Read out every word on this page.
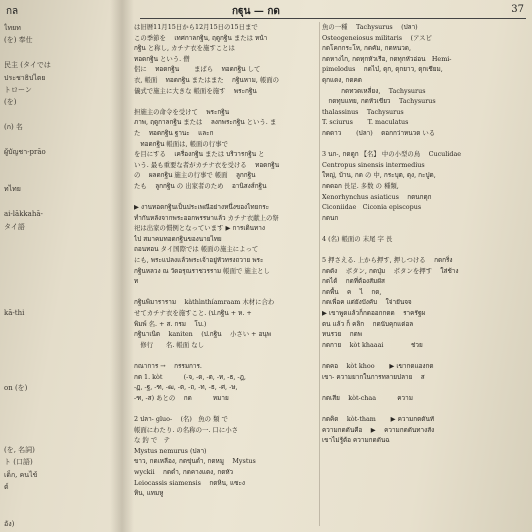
กล	กฐุน — กด	37
ไทยท
(を) 奉仕
民主 (タイでは
ประชาธิปไตย
トローン
(を)
(ก) 名
ผู้บัญชา-prāo
ทไทย
ai-lākkahā-
タイ語
kā-thi
on (を)
(を, 名詞)
ト (口語)
เด็ก, คนไข้
ต์
อัง)
は旧暦11月15日から12月15日の15日まで
この季節を 　เทศกาลกฐิน, ฤดูกฐิน または หน้า
กฐิน と称し, カチナ衣を施すことは
ทอดกฐิน という. 僧
侶に 　ทอดกฐิน 　　まばら 　ทอดกฐิน して
衣, 帳面 　ทอดกฐิน またはまた 　กฐินหาม, 帳面の
儀式で施主に大きな 帳面を施す 　พระกฐิน
担施主の命令を受けて 　พระกฐิน
ภาพ, ฤดูกาลกฐิน または 　ลงกพระกฐิน という. ま
た 　ทอดกฐิน ฐานะ 　และก
　ทอดกฐิน 帳面は, 帳面の行事で
を目にする 　เครื่องกฐิน または บริวารกฐิน と
いう. 最も重要な者がカチナ衣を受ける 　ทอดกฐิน
の 　ผลดกฐิน 施主の行事で 帳面 　ลูกกฐิน
たも 　ลูกกฐิน の 出家者のため 　อานิสงส์กฐิน
▶ งานทอดกฐินเป็นประเพณีอย่างหนึ่งของไทยกระ
ทำกันหลังจากพระออกพรรษาแล้ว カチナ衣献上の祭
祀は出家の慣例となっています ▶ การเดินทาง
ไป สมาคมทอดกฐินของนายไทย
ถอนทอน タイ国際では 帳面の施主によって
にも, พระแปลงแล้วพระเจ้าอยู่หัวทรงถวาย พระ
กฐินหลวง ณ วัดอรุณราชวรราม 帳面で 施主とし
ท
กฐินพิมาราราม 　kàthìnthíamraam 木材に合わ
せてカチナ衣を施すこと. (ป.กฐิน + ห. +
พิมพ์ 名. + ส. กรม 　โบ.)
กฐินาเนิด 　kaniten 　(ป.กฐิน 　小さい + อนุพ
　修行　　名. 帳面 なし
กณาการ → 　กรรมการ.
กด 1. kòt 　　　(-จ, -ด, -ต, -ท, -ธ, -ฎ,
-ฏ, -ฐ, -ฑ, -ฒ, -ต, -ถ, -ท, -ธ, -ศ, -ษ,
-ฑ, -ส) あとの 　กด 　　　หมาย
2 ปลา- gluo- 　(名)　魚の 類 で
帳面にわたり. の名称の一. 口に小さ
な 釣 で　テ
Mystus nemurus (ปลา)
ขาว, กดเหลือง, กดขุ่นดำ, กดหมู 　Mystus
wyckii 　กดดำ, กดคางแดง, กดหัว
Leiocassis siamensis 　กดหิน, แซะง
หิน, แทมหู
魚の一種 　Tachysurus 　(ปลา)
Osteogeneiosus militaris 　(アスピ
กดโคกกระโห, กดคัม, กดหนวด,
กดหางไก, กดทุกหัวเรือ, กดทุกหัวอ่อน　Hemi-
pimelodus 　กดไบ๋, ดุก, ดุกยาว, ดุกเชียม,
ดุกแดง, กดคต
　　　กดทวดเหลี่ยง, 　Tachysurus
　กดทุบแทย, กดหัวเขียว 　Tachysurus
thalassinus 　Tachysurus
T. sciurus 　　T. maculatus
กดดาว 　　(ปลา) 　ดอกกว่าหนวด いる
3 นก-, กดดูก 【名】 中の小型の鳥 　Cuculidae
Centropus sinensis intermedius
ใหญ่, บ้าน, กด の 中, กระบุต, ดุง, กะปูด,
กดดอก 長足. 多数 の 種類,
Xenorhynchus asiaticus 　กดนกดุก
Ciconiidae　Ciconia episcopus
กดนก
4 (名) 帳面の 末尾 字 長
5 押さえる. 上から押す, 押しつける 　กดกริ่ง
กดดัง 　ボタン, กดปุ่ม 　ボタンを押す 　ใส่ช้าง
กดได้ 　กดที่ต้องสัมผัส
กดพื้น 　ค 　ไ 　กด,
กดเพื่อค แต่ยังบังคับ 　ใจ่ายันจจ
▶ เขาพูดแล้วก็กดออกกดด 　ราครัฐผ
ตน แล้ว ก็ คลิก 　กดนับคุกแต่อล
หนรวย 　กดพ
กดกาย 　kòt khaaai 　　　　ช่วย
กดคอ 　kòt khoo 　　▶ เขากดแองกด
เขา- ความยากในการทลายปลาย 　ส
กดเสีย 　kòt-chaa 　　　ความ
กดคิด 　kòt-tham 　　▶ ความกดดันทั
ความกดดันคือ 　▶ 　ความกดดันทางสัง
เขาไม่รู้ต้อ ความกดดันฉ
